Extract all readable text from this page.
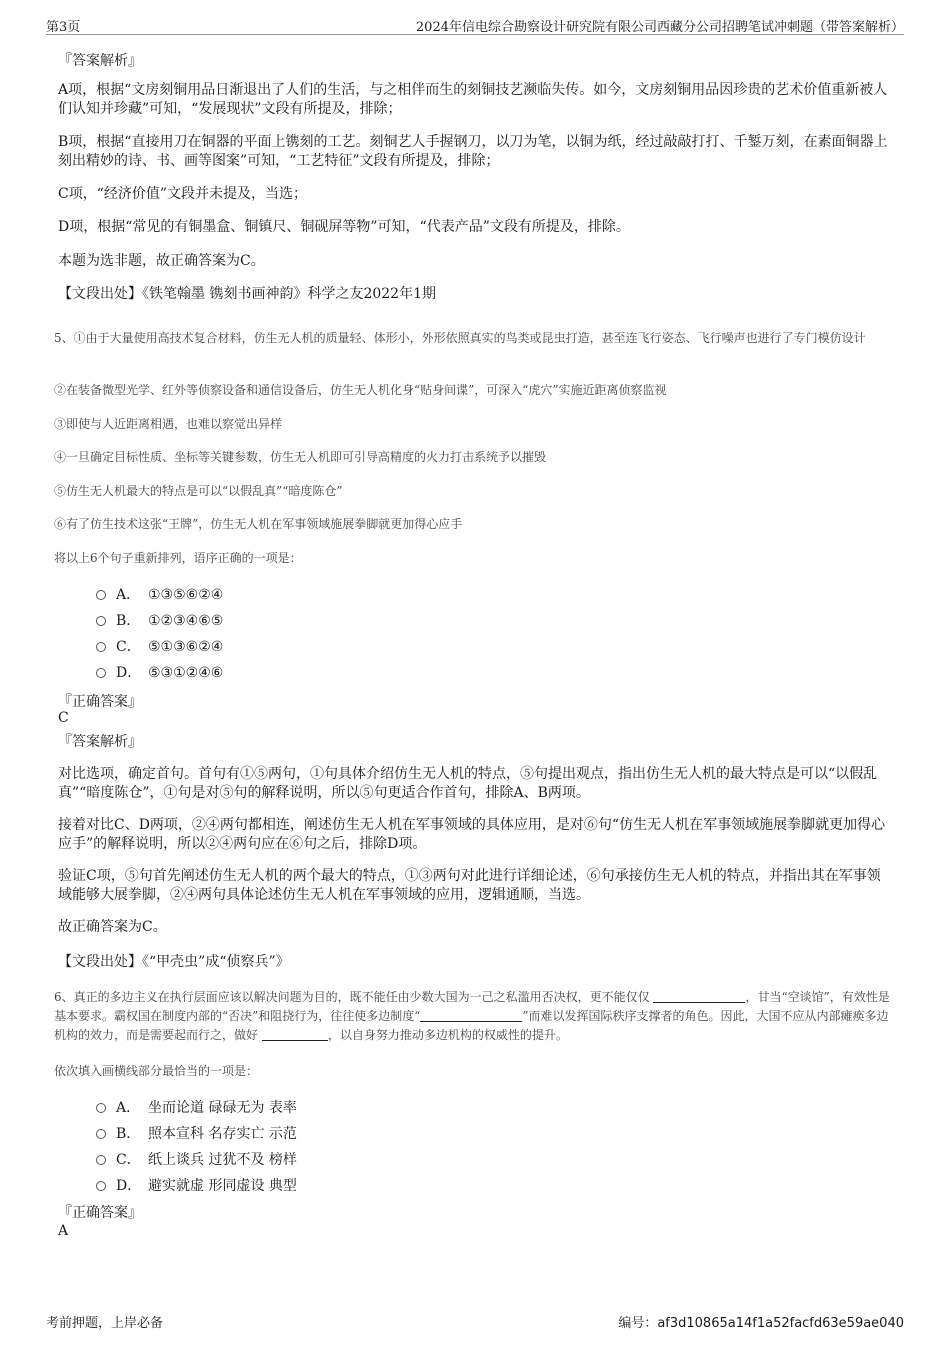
第3页	2024年信电综合勘察设计研究院有限公司西藏分公司招聘笔试冲刺题（带答案解析）
『答案解析』
A项，根据“文房刻铜用品日渐退出了人们的生活，与之相伴而生的刻铜技艺濒临失传。如今，文房刻铜用品因珍贵的艺术价值重新被人们认知并珍藏”可知，“发展现状”文段有所提及，排除；
B项，根据“直接用刀在铜器的平面上镌刻的工艺。刻铜艺人手握钢刀，以刀为笔，以铜为纸，经过敲敲打打、千錾万刻，在素面铜器上刻出精妙的诗、书、画等图案”可知，“工艺特征”文段有所提及，排除；
C项，“经济价值”文段并未提及，当选；
D项，根据“常见的有铜墨盒、铜镇尺、铜砚屏等物”可知，“代表产品”文段有所提及，排除。
本题为选非题，故正确答案为C。
【文段出处】《铁笔翰墨 镌刻书画神韵》科学之友2022年1期
5、①由于大量使用高技术复合材料，仿生无人机的质量轻、体形小，外形依照真实的鸟类或昆虫打造，甚至连飞行姿态、飞行噪声也进行了专门模仿设计
②在装备微型光学、红外等侦察设备和通信设备后，仿生无人机化身“贴身间谍”，可深入“虎穴”实施近距离侦察监视
③即使与人近距离相遇，也难以察觉出异样
④一旦确定目标性质、坐标等关键参数，仿生无人机即可引导高精度的火力打击系统予以摧毁
⑤仿生无人机最大的特点是可以“以假乱真”“暗度陈仓”
⑥有了仿生技术这张“王牌”，仿生无人机在军事领域施展拳脚就更加得心应手
将以上6个句子重新排列，语序正确的一项是：
A． ①③⑤⑥②④
B． ①②③④⑥⑤
C． ⑤①③⑥②④
D． ⑤③①②④⑥
『正确答案』
C
『答案解析』
对比选项，确定首句。首句有①⑤两句，①句具体介绍仿生无人机的特点，⑤句提出观点，指出仿生无人机的最大特点是可以“以假乱真”“暗度陈仓”，①句是对⑤句的解释说明，所以⑤句更适合作首句，排除A、B两项。
接着对比C、D两项，②④两句都相连，阐述仿生无人机在军事领域的具体应用，是对⑥句“仿生无人机在军事领域施展拳脚就更加得心应手”的解释说明，所以②④两句应在⑥句之后，排除D项。
验证C项，⑤句首先阐述仿生无人机的两个最大的特点，①③两句对此进行详细论述，⑥句承接仿生无人机的特点，并指出其在军事领域能够大展拳脚，②④两句具体论述仿生无人机在军事领域的应用，逻辑通顺，当选。
故正确答案为C。
【文段出处】《“甲壳虫”成“侦察兵”》
6、真正的多边主义在执行层面应该以解决问题为目的，既不能任由少数大国为一己之私滥用否决权，更不能仅仅	，甘当“空谈馆”，有效性是基本要求。霸权国在制度内部的“否决”和阻挠行为，往往使多边制度“	”而难以发挥国际秩序支撑者的角色。因此，大国不应从内部瘫痪多边机构的效力，而是需要起而行之，做好	，以自身努力推动多边机构的权威性的提升。
依次填入画横线部分最恰当的一项是：
A． 坐而论道 碌碌无为 表率
B． 照本宣科 名存实亡 示范
C． 纸上谈兵 过犹不及 榜样
D． 避实就虚 形同虚设 典型
『正确答案』
A
考前押题，上岸必备	编号：af3d10865a14f1a52facfd63e59ae040
